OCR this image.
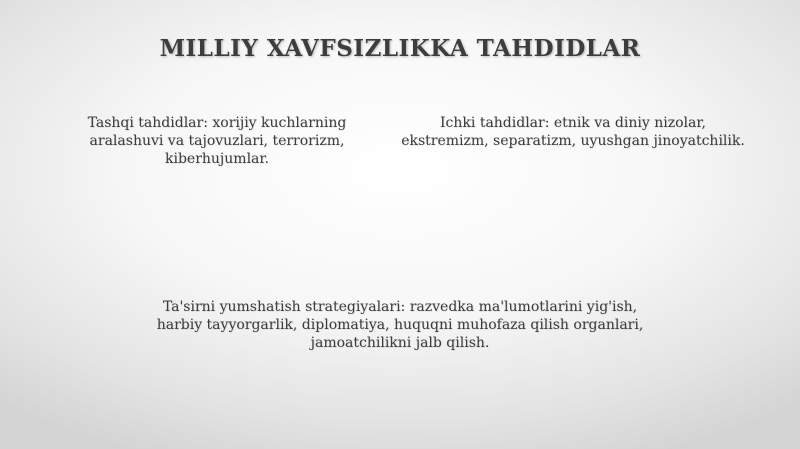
MILLIY XAVFSIZLIKKA TAHDIDLAR
Tashqi tahdidlar: xorijiy kuchlarning aralashuvi va tajovuzlari, terrorizm, kiberhujumlar.
Ichki tahdidlar: etnik va diniy nizolar, ekstremizm, separatizm, uyushgan jinoyatchilik.
Ta'sirni yumshatish strategiyalari: razvedka ma'lumotlarini yig'ish, harbiy tayyorgarlik, diplomatiya, huquqni muhofaza qilish organlari, jamoatchilikni jalb qilish.
